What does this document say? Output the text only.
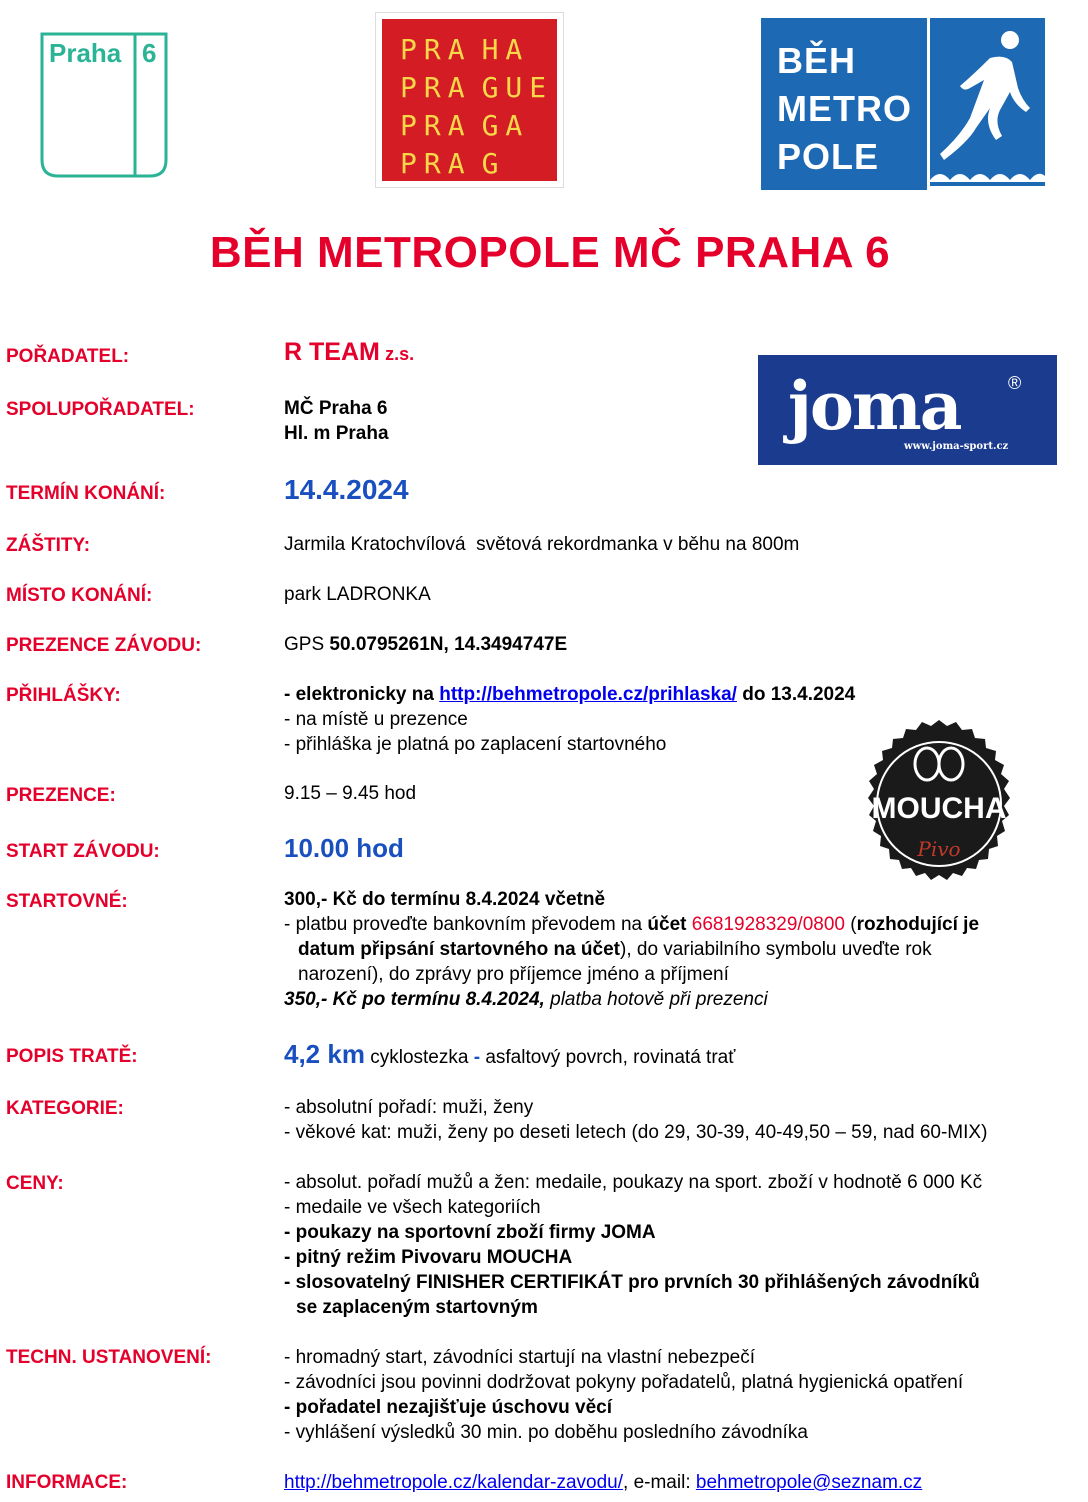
Praha 6	PRA HA
PRA GUE
PRA GA
PRA G
BĚH
METRO
POLE
BĚH METROPOLE MČ PRAHA 6
joma	®
www.joma-sport.cz
MOUCHA
Pivo
POŘADATEL:	R TEAM z.s.
SPOLUPOŘADATEL:	MČ Praha 6
Hl. m Praha
TERMÍN KONÁNÍ:	14.4.2024
ZÁŠTITY:	Jarmila Kratochvílová  světová rekordmanka v běhu na 800m
MÍSTO KONÁNÍ:	park LADRONKA
PREZENCE ZÁVODU:	GPS 50.0795261N, 14.3494747E
PŘIHLÁŠKY:	- elektronicky na http://behmetropole.cz/prihlaska/ do 13.4.2024
- na místě u prezence
- přihláška je platná po zaplacení startovného
PREZENCE:	9.15 – 9.45 hod
START ZÁVODU:	10.00 hod
STARTOVNÉ:	300,- Kč do termínu 8.4.2024 včetně
- platbu proveďte bankovním převodem na účet 6681928329/0800 (rozhodující je
datum připsání startovného na účet), do variabilního symbolu uveďte rok
narození), do zprávy pro příjemce jméno a příjmení
350,- Kč po termínu 8.4.2024, platba hotově při prezenci
POPIS TRATĚ:	4,2 km cyklostezka - asfaltový povrch, rovinatá trať
KATEGORIE:	- absolutní pořadí: muži, ženy
- věkové kat: muži, ženy po deseti letech (do 29, 30-39, 40-49,50 – 59, nad 60-MIX)
CENY:	- absolut. pořadí mužů a žen: medaile, poukazy na sport. zboží v hodnotě 6 000 Kč
- medaile ve všech kategoriích
- poukazy na sportovní zboží firmy JOMA
- pitný režim Pivovaru MOUCHA
- slosovatelný FINISHER CERTIFIKÁT pro prvních 30 přihlášených závodníků
se zaplaceným startovným
TECHN. USTANOVENÍ:	- hromadný start, závodníci startují na vlastní nebezpečí
- závodníci jsou povinni dodržovat pokyny pořadatelů, platná hygienická opatření
- pořadatel nezajišťuje úschovu věcí
- vyhlášení výsledků 30 min. po doběhu posledního závodníka
INFORMACE:	http://behmetropole.cz/kalendar-zavodu/, e-mail: behmetropole@seznam.cz
